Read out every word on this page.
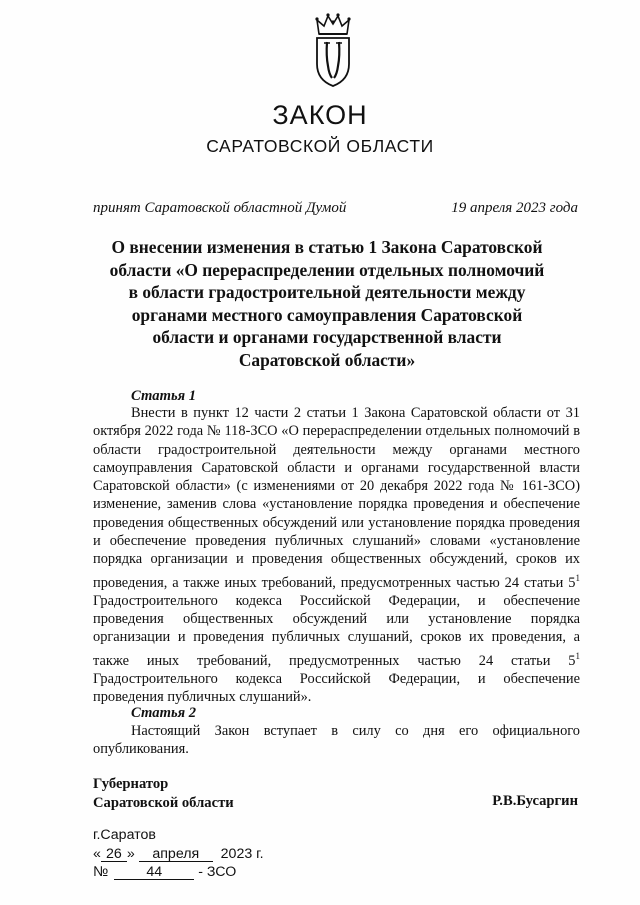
ЗАКОН
САРАТОВСКОЙ ОБЛАСТИ
принят Саратовской областной Думой	19 апреля 2023 года
О внесении изменения в статью 1 Закона Саратовской
области «О перераспределении отдельных полномочий
в области градостроительной деятельности между
органами местного самоуправления Саратовской
области и органами государственной власти
Саратовской области»
Статья 1

Внести в пункт 12 части 2 статьи 1 Закона Саратовской области от 31 октября 2022 года № 118-ЗСО «О перераспределении отдельных полномочий в области градостроительной деятельности между органами местного самоуправления Саратовской области и органами государственной власти Саратовской области» (с изменениями от 20 декабря 2022 года № 161-ЗСО) изменение, заменив слова «установление порядка проведения и обеспечение проведения общественных обсуждений или установление порядка проведения и обеспечение проведения публичных слушаний» словами «установление порядка организации и проведения общественных обсуждений, сроков их проведения, а также иных требований, предусмотренных частью 24 статьи $5^1$ Градостроительного кодекса Российской Федерации, и обеспечение проведения общественных обсуждений или установление порядка организации и проведения публичных слушаний, сроков их проведения, а также иных требований, предусмотренных частью 24 статьи $5^1$ Градостроительного кодекса Российской Федерации, и обеспечение проведения публичных слушаний».

Статья 2

Настоящий Закон вступает в силу со дня его официального опубликования.

Губернатор
Саратовской области	Р.В.Бусаргин
г.Саратов
« 26 » апреля 2023 г.
№	44	- ЗСО
